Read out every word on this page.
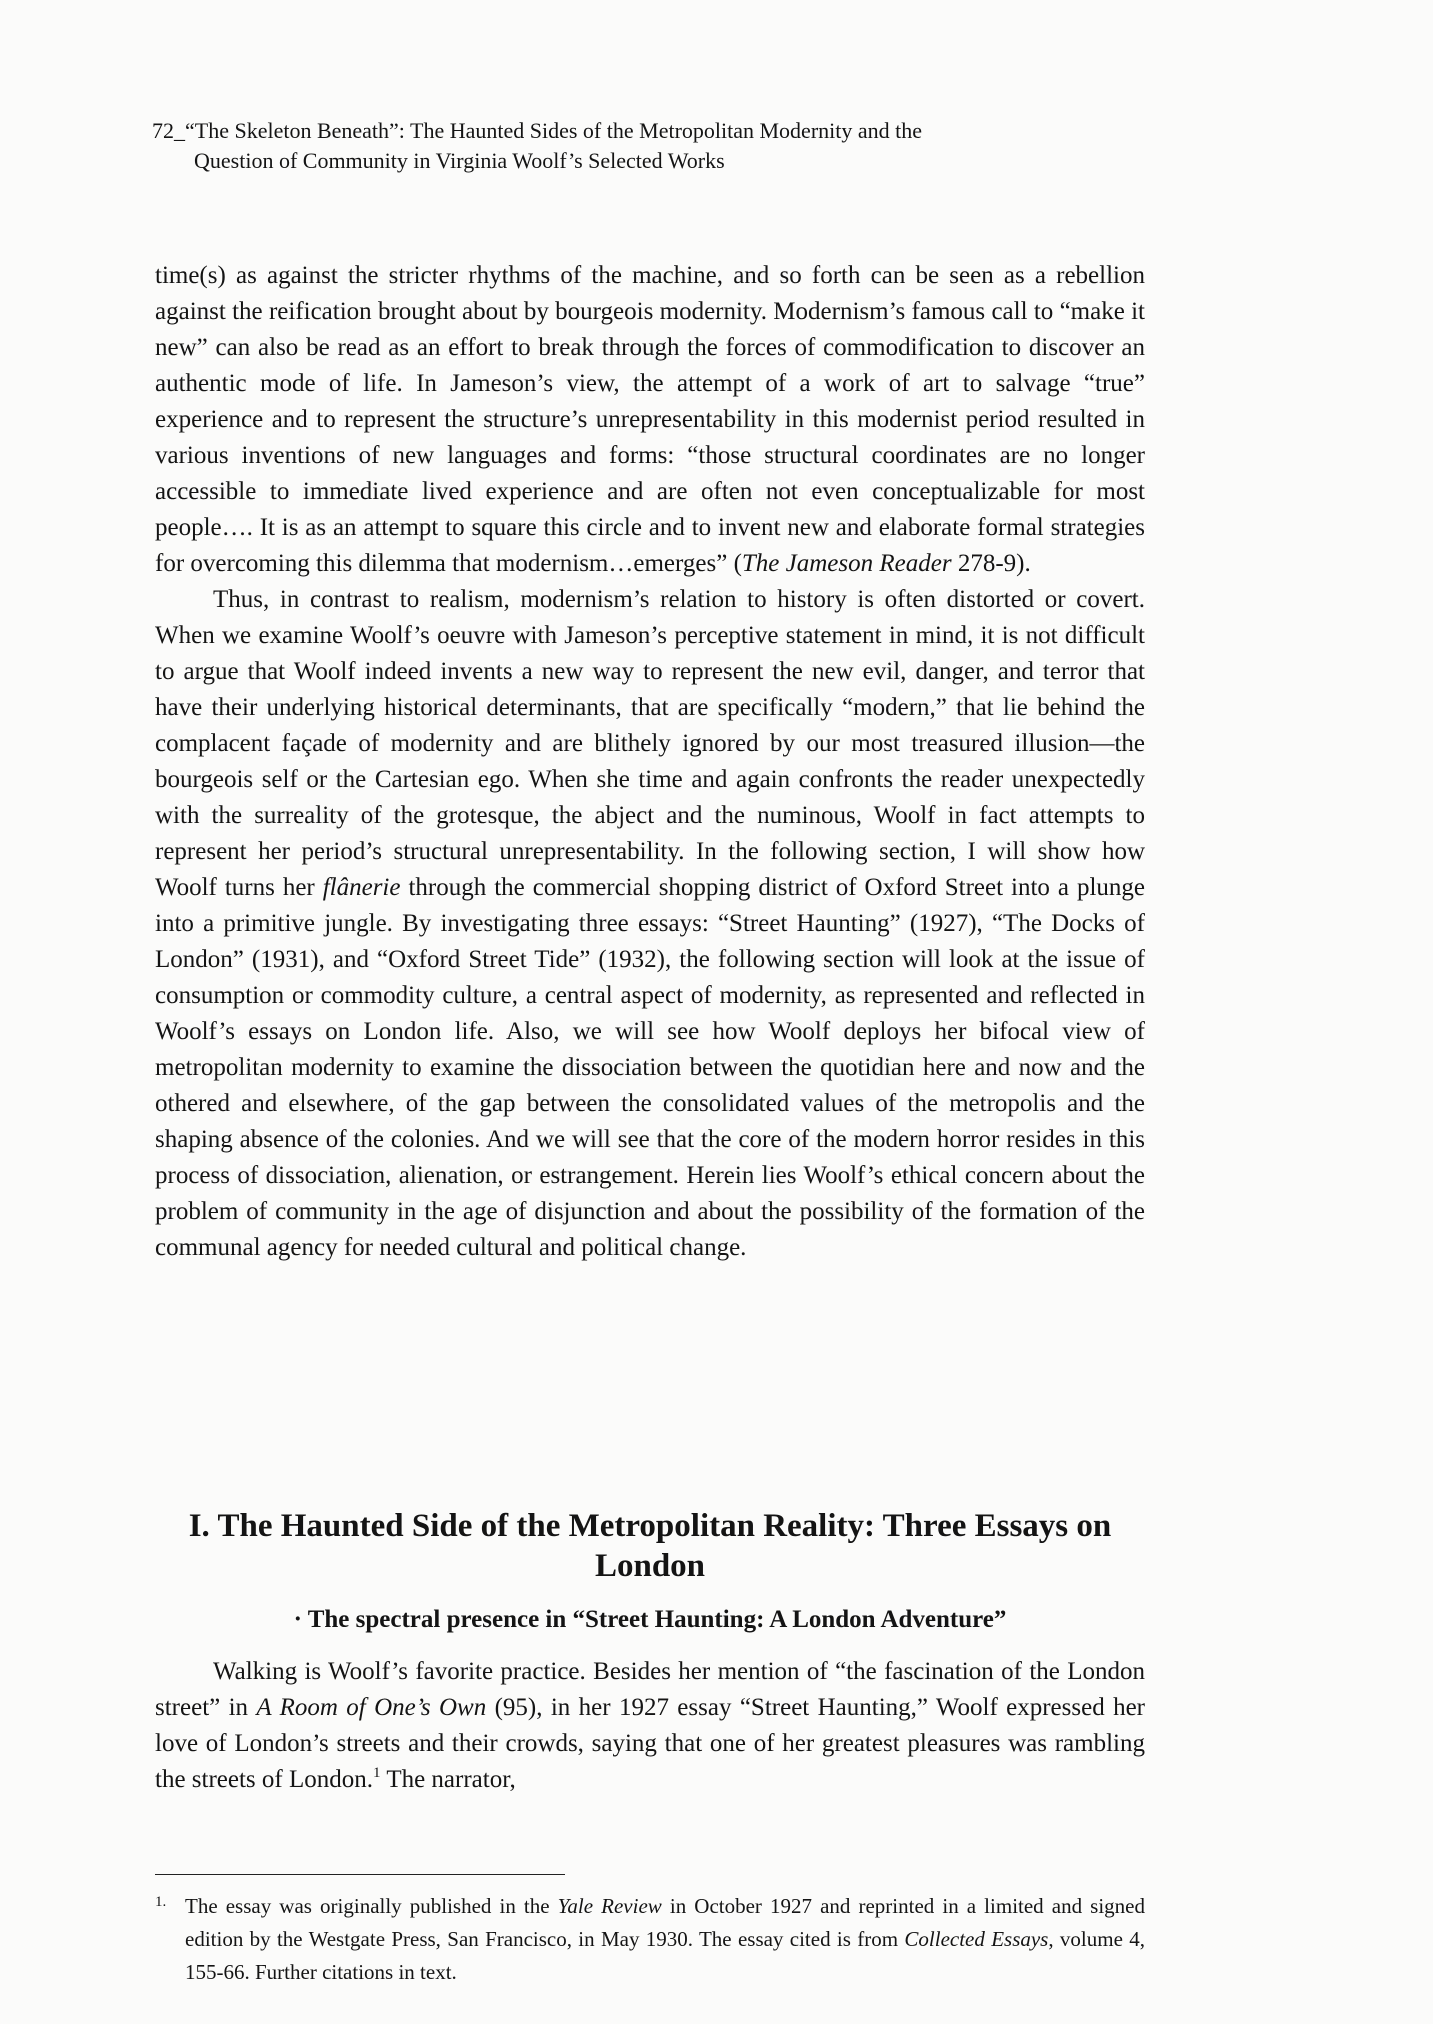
72_“The Skeleton Beneath”: The Haunted Sides of the Metropolitan Modernity and the
Question of Community in Virginia Woolf’s Selected Works

time(s) as against the stricter rhythms of the machine, and so forth can be seen as a rebellion against the reification brought about by bourgeois modernity. Modernism’s famous call to “make it new” can also be read as an effort to break through the forces of commodification to discover an authentic mode of life. In Jameson’s view, the attempt of a work of art to salvage “true” experience and to represent the structure’s unrepresentability in this modernist period resulted in various inventions of new languages and forms: “those structural coordinates are no longer accessible to immediate lived experience and are often not even conceptualizable for most people…. It is as an attempt to square this circle and to invent new and elaborate formal strategies for overcoming this dilemma that modernism…emerges” (The Jameson Reader 278-9).

Thus, in contrast to realism, modernism’s relation to history is often distorted or covert. When we examine Woolf’s oeuvre with Jameson’s perceptive statement in mind, it is not difficult to argue that Woolf indeed invents a new way to represent the new evil, danger, and terror that have their underlying historical determinants, that are specifically “modern,” that lie behind the complacent façade of modernity and are blithely ignored by our most treasured illusion—the bourgeois self or the Cartesian ego. When she time and again confronts the reader unexpectedly with the surreality of the grotesque, the abject and the numinous, Woolf in fact attempts to represent her period’s structural unrepresentability. In the following section, I will show how Woolf turns her flânerie through the commercial shopping district of Oxford Street into a plunge into a primitive jungle. By investigating three essays: “Street Haunting” (1927), “The Docks of London” (1931), and “Oxford Street Tide” (1932), the following section will look at the issue of consumption or commodity culture, a central aspect of modernity, as represented and reflected in Woolf’s essays on London life. Also, we will see how Woolf deploys her bifocal view of metropolitan modernity to examine the dissociation between the quotidian here and now and the othered and elsewhere, of the gap between the consolidated values of the metropolis and the shaping absence of the colonies. And we will see that the core of the modern horror resides in this process of dissociation, alienation, or estrangement. Herein lies Woolf’s ethical concern about the problem of community in the age of disjunction and about the possibility of the formation of the communal agency for needed cultural and political change.

I. The Haunted Side of the Metropolitan Reality: Three Essays on London
· The spectral presence in “Street Haunting: A London Adventure”

Walking is Woolf’s favorite practice. Besides her mention of “the fascination of the London street” in A Room of One’s Own (95), in her 1927 essay “Street Haunting,” Woolf expressed her love of London’s streets and their crowds, saying that one of her greatest pleasures was rambling the streets of London.$^1$ The narrator,

1. The essay was originally published in the Yale Review in October 1927 and reprinted in a limited and signed edition by the Westgate Press, San Francisco, in May 1930. The essay cited is from Collected Essays, volume 4, 155-66. Further citations in text.
